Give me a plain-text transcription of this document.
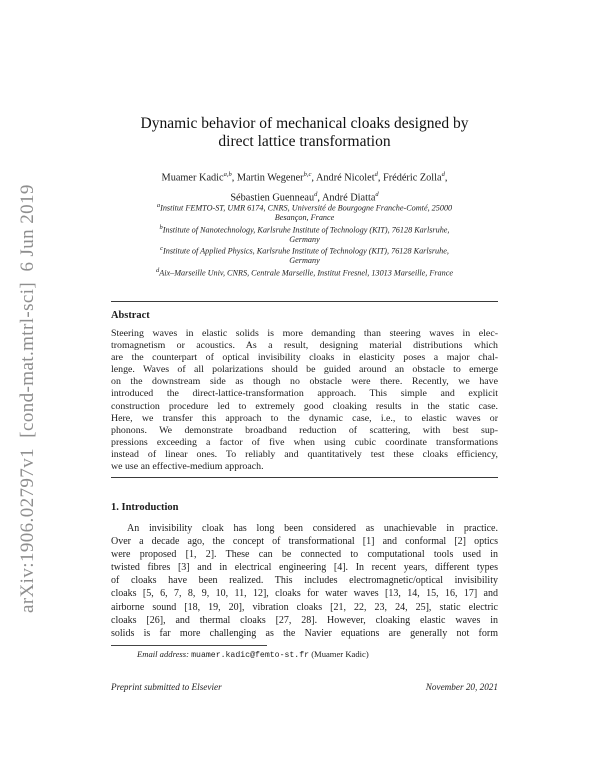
arXiv:1906.02797v1  [cond-mat.mtrl-sci]  6 Jun 2019
Dynamic behavior of mechanical cloaks designed by
direct lattice transformation
Muamer Kadic$^{a,b}$, Martin Wegener$^{b,c}$, André Nicolet$^d$, Frédéric Zolla$^d$,
Sébastien Guenneau$^d$, André Diatta$^d$
$^a$Institut FEMTO-ST, UMR 6174, CNRS, Université de Bourgogne Franche-Comté, 25000
Besançon, France
$^b$Institute of Nanotechnology, Karlsruhe Institute of Technology (KIT), 76128 Karlsruhe,
Germany
$^c$Institute of Applied Physics, Karlsruhe Institute of Technology (KIT), 76128 Karlsruhe,
Germany
$^d$Aix–Marseille Univ, CNRS, Centrale Marseille, Institut Fresnel, 13013 Marseille, France
Abstract
Steering waves in elastic solids is more demanding than steering waves in elec-
tromagnetism or acoustics. As a result, designing material distributions which
are the counterpart of optical invisibility cloaks in elasticity poses a major chal-
lenge. Waves of all polarizations should be guided around an obstacle to emerge
on the downstream side as though no obstacle were there. Recently, we have
introduced the direct-lattice-transformation approach. This simple and explicit
construction procedure led to extremely good cloaking results in the static case.
Here, we transfer this approach to the dynamic case, i.e., to elastic waves or
phonons. We demonstrate broadband reduction of scattering, with best sup-
pressions exceeding a factor of five when using cubic coordinate transformations
instead of linear ones. To reliably and quantitatively test these cloaks efficiency,
we use an effective-medium approach.
1. Introduction
An invisibility cloak has long been considered as unachievable in practice.
Over a decade ago, the concept of transformational [1] and conformal [2] optics
were proposed [1, 2]. These can be connected to computational tools used in
twisted fibres [3] and in electrical engineering [4]. In recent years, different types
of cloaks have been realized. This includes electromagnetic/optical invisibility
cloaks [5, 6, 7, 8, 9, 10, 11, 12], cloaks for water waves [13, 14, 15, 16, 17] and
airborne sound [18, 19, 20], vibration cloaks [21, 22, 23, 24, 25], static electric
cloaks [26], and thermal cloaks [27, 28]. However, cloaking elastic waves in
solids is far more challenging as the Navier equations are generally not form
Email address: muamer.kadic@femto-st.fr (Muamer Kadic)
Preprint submitted to Elsevier	November 20, 2021
